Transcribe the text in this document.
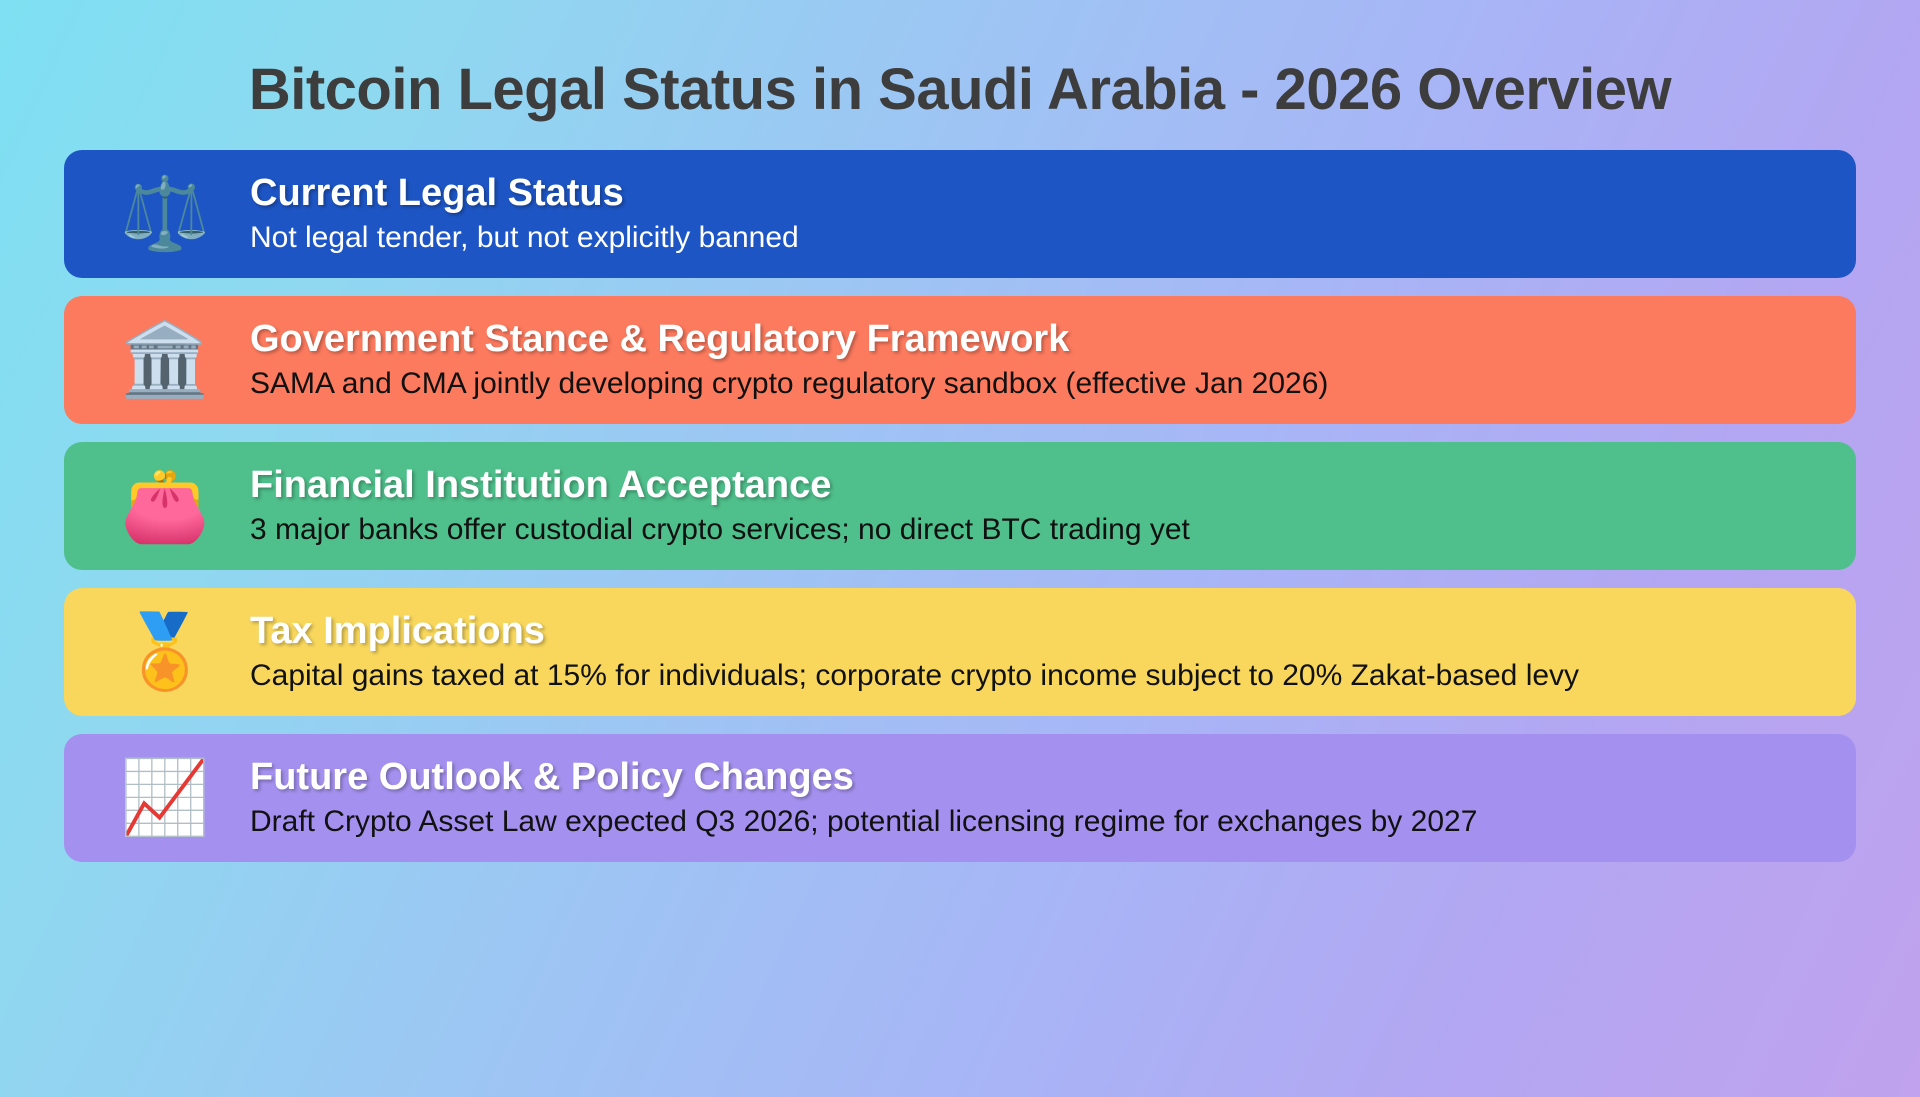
Bitcoin Legal Status in Saudi Arabia - 2026 Overview
⚖️	Current Legal Status
Not legal tender, but not explicitly banned
🏛️	Government Stance & Regulatory Framework
SAMA and CMA jointly developing crypto regulatory sandbox (effective Jan 2026)
👛	Financial Institution Acceptance
3 major banks offer custodial crypto services; no direct BTC trading yet
🏅	Tax Implications
Capital gains taxed at 15% for individuals; corporate crypto income subject to 20% Zakat-based levy
📈	Future Outlook & Policy Changes
Draft Crypto Asset Law expected Q3 2026; potential licensing regime for exchanges by 2027
